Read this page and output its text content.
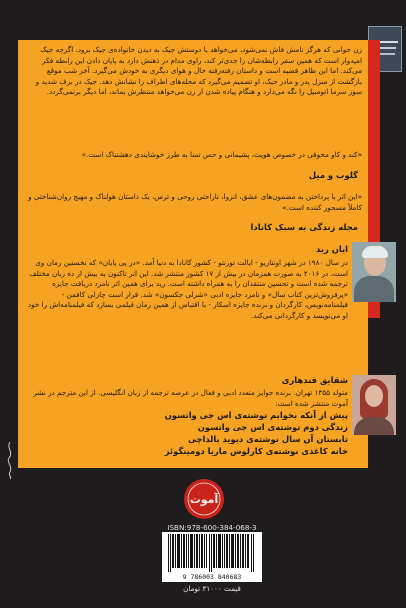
زن جوانی که هرگز نامش فاش نمی‌شود، می‌خواهد با دوستش جیک به دیدن خانواده‌ی جیک برود. اگرچه جیک امیدوار است که همین سفر رابطه‌شان را جدی‌تر کند، راوی مدام در ذهنش دارد به پایان دادن این رابطه فکر می‌کند. اما این ظاهر قضیه است و داستان رفته‌رفته حال و هوای دیگری به خودش می‌گیرد. آخر شب موقع بازگشت از منزل پدر و مادر جیک، او تصمیم می‌گیرد که محله‌های اطراف را نشانش دهد. جیک در برف شدید و سوز سرما اتومبیل را نگه می‌دارد و هنگام پیاده شدن از زن می‌خواهد منتظرش بماند، اما دیگر برنمی‌گردد.
«کند و کاو مخوفی در خصوص هویت، پشیمانی و حس تمنا به طرز خوشایندی دهشتناک است.»
گلوب و میل
«این اثر با پرداختن به مضمون‌های عشق، انزوا، ناراحتی روحی و ترس، یک داستان هولناک و مهیج روان‌شناختی و کاملاً مسحور کننده است.»
مجله زندگی به سبک کانادا
ایان رید
در سال ۱۹۸۰ در شهر اونتاریو - ایالت تورنتو - کشور کانادا به دنیا آمد. «در پی پایان» که نخستین رمان وی است، در ۲۰۱۶ به صورت همزمان در بیش از ۱۷ کشور منتشر شد. این اثر تاکنون به بیش از ده زبان مختلف ترجمه شده است و تحسین منتقدان را به همراه داشته است. رید برای همین اثر نامزد دریافت جایزه «پرفروش‌ترین کتاب سال» و نامزد جایزه ادبی «شرلی جکسون» شد. قرار است چارلی کافمن - فیلمنامه‌نویس، کارگردان و برنده جایزه اسکار - با اقتباس از همین رمان فیلمی بسازد که فیلمنامه‌اش را خود او می‌نویسد و کارگردانی می‌کند.
شقایق قندهاری
متولد ۱۳۵۵ تهران. برنده جوایز متعدد ادبی و فعال در عرصه ترجمه از زبان انگلیسی. از این مترجم در نشر آموت منتشر شده است:
پیش از آنکه بخوابم نوشته‌ی اس جی واتسون
زندگی دوم نوشته‌ی اس جی واتسون
تابستان آن سال نوشته‌ی دیوید بالداچی
خانه کاغذی نوشته‌ی کارلوس ماریا دومینگوئز
آموت
ISBN:978-600-384-068-3
9 786003 840683
قیمت ۳۱۰۰۰ تومان
